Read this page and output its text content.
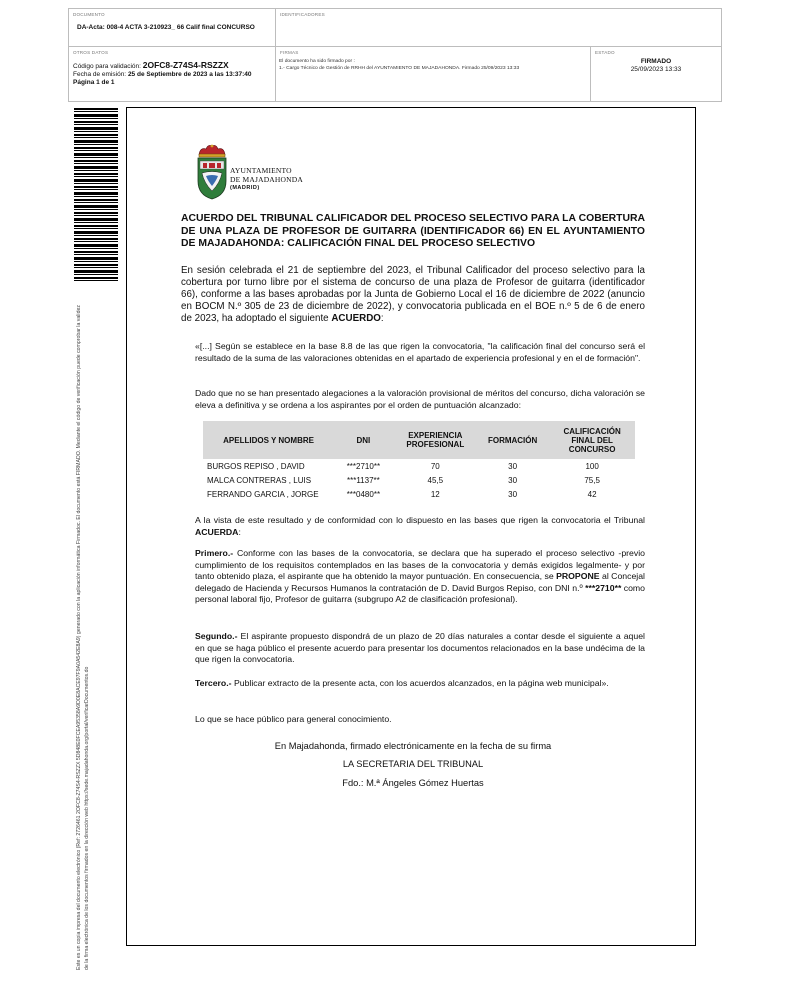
DOCUMENTO
DA-Acta: 008-4 ACTA 3-210923_ 66 Calif final CONCURSO
IDENTIFICADORES
OTROS DATOS
Código para validación: 2OFC8-Z74S4-RSZZX
Fecha de emisión: 25 de Septiembre de 2023 a las 13:37:40
Página 1 de 1
FIRMAS
El documento ha sido firmado por :
1.- Cargo Técnico de Gestión de RRHH del AYUNTAMIENTO DE MAJADAHONDA. Firmado 25/09/2023 13:33
ESTADO
FIRMADO
25/09/2023 13:33
Este es un copia impresa del documento electrónico (Ref: 2726461 2OFC8-Z74S4-RSZZX 5D848E0FCEA95358A9D0E8ACE97F9A0A542E8A9) generado con la aplicación informática Firmadoc. El documento está FIRMADO. Mediante el código de verificación puede comprobar la validez de la firma electrónica de los documentos firmados en la dirección web https://sede.majadahonda.org/portal/verificarDocumentos.do
AYUNTAMIENTO
DE MAJADAHONDA
(MADRID)
ACUERDO DEL TRIBUNAL CALIFICADOR DEL PROCESO SELECTIVO PARA LA COBERTURA DE UNA PLAZA DE PROFESOR DE GUITARRA (IDENTIFICADOR 66) EN EL AYUNTAMIENTO DE MAJADAHONDA: CALIFICACIÓN FINAL DEL PROCESO SELECTIVO
En sesión celebrada el 21 de septiembre del 2023, el Tribunal Calificador del proceso selectivo para la cobertura por turno libre por el sistema de concurso de una plaza de Profesor de guitarra (identificador 66), conforme a las bases aprobadas por la Junta de Gobierno Local el 16 de diciembre de 2022 (anuncio en BOCM N.º 305 de 23 de diciembre de 2022), y convocatoria publicada en el BOE n.º 5 de 6 de enero de 2023, ha adoptado el siguiente ACUERDO:
«[...] Según se establece en la base 8.8 de las que rigen la convocatoria, "la calificación final del concurso será el resultado de la suma de las valoraciones obtenidas en el apartado de experiencia profesional y en el de formación".
Dado que no se han presentado alegaciones a la valoración provisional de méritos del concurso, dicha valoración se eleva a definitiva y se ordena a los aspirantes por el orden de puntuación alcanzado:
APELLIDOS Y NOMBRE	DNI	EXPERIENCIA PROFESIONAL	FORMACIÓN	CALIFICACIÓN FINAL DEL CONCURSO
BURGOS REPISO , DAVID	***2710**	70	30	100
MALCA CONTRERAS , LUIS	***1137**	45,5	30	75,5
FERRANDO GARCIA , JORGE	***0480**	12	30	42
A la vista de este resultado y de conformidad con lo dispuesto en las bases que rigen la convocatoria el Tribunal ACUERDA:
Primero.- Conforme con las bases de la convocatoria, se declara que ha superado el proceso selectivo -previo cumplimiento de los requisitos contemplados en las bases de la convocatoria y demás exigidos legalmente- y por tanto obtenido plaza, el aspirante que ha obtenido la mayor puntuación. En consecuencia, se PROPONE al Concejal delegado de Hacienda y Recursos Humanos la contratación de D. David Burgos Repiso, con DNI n.º ***2710** como personal laboral fijo, Profesor de guitarra (subgrupo A2 de clasificación profesional).
Segundo.- El aspirante propuesto dispondrá de un plazo de 20 días naturales a contar desde el siguiente a aquel en que se haga público el presente acuerdo para presentar los documentos relacionados en la base undécima de la que rigen la convocatoria.
Tercero.- Publicar extracto de la presente acta, con los acuerdos alcanzados, en la página web municipal».
Lo que se hace público para general conocimiento.
En Majadahonda, firmado electrónicamente en la fecha de su firma
LA SECRETARIA DEL TRIBUNAL
Fdo.: M.ª Ángeles Gómez Huertas
